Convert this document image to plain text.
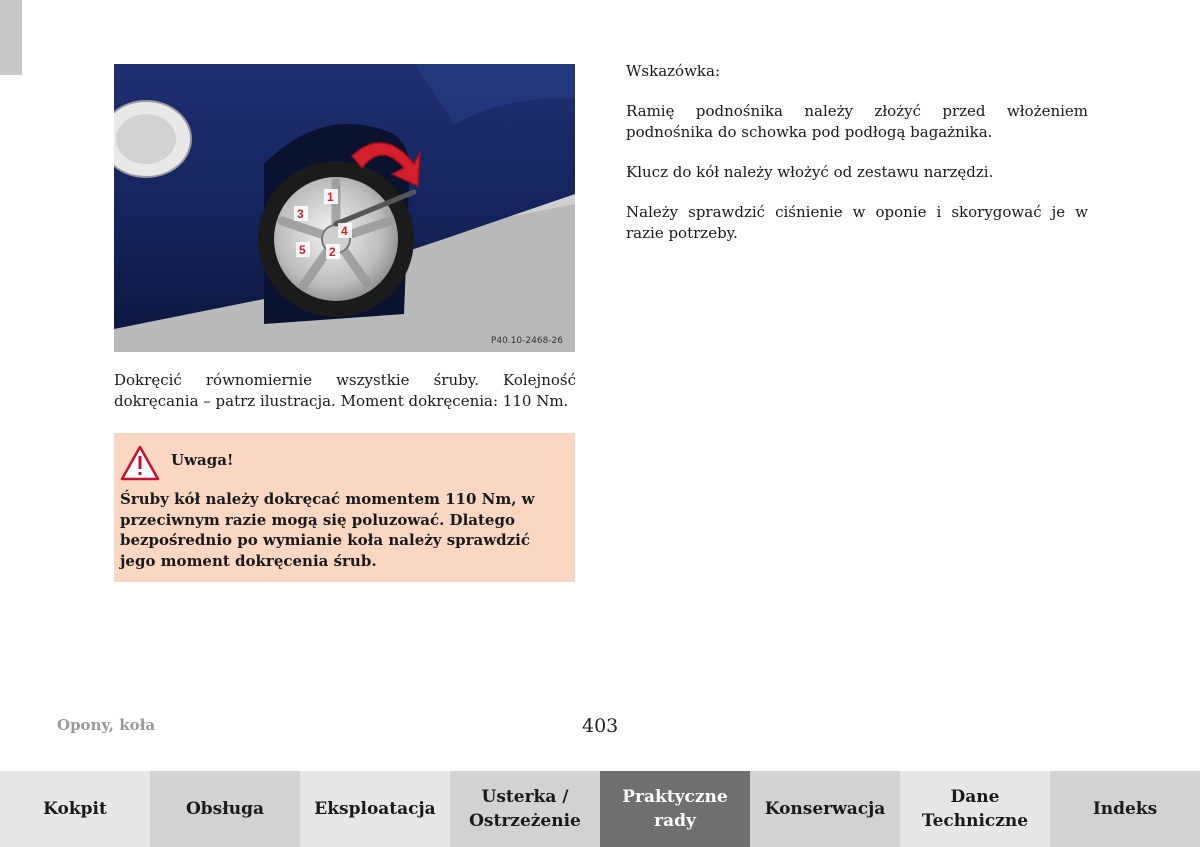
1
2
3
4
5
P40.10-2468-26
Dokręcić równomiernie wszystkie śruby. Kolejność dokręcania – patrz ilustracja. Moment dokręcenia: 110 Nm.
Uwaga!
Śruby kół należy dokręcać momentem 110 Nm, w przeciwnym razie mogą się poluzować. Dlatego bezpośrednio po wymianie koła należy sprawdzić jego moment dokręcenia śrub.

Wskazówka:

Ramię podnośnika należy złożyć przed włożeniem podnośnika do schowka pod podłogą bagażnika.

Klucz do kół należy włożyć od zestawu narzędzi.

Należy sprawdzić ciśnienie w oponie i skorygować je w razie potrzeby.

Opony, koła	403
Kokpit	Obsługa	Eksploatacja
Usterka /
Ostrzeżenie
Praktyczne
rady
Konserwacja
Dane
Techniczne
Indeks
